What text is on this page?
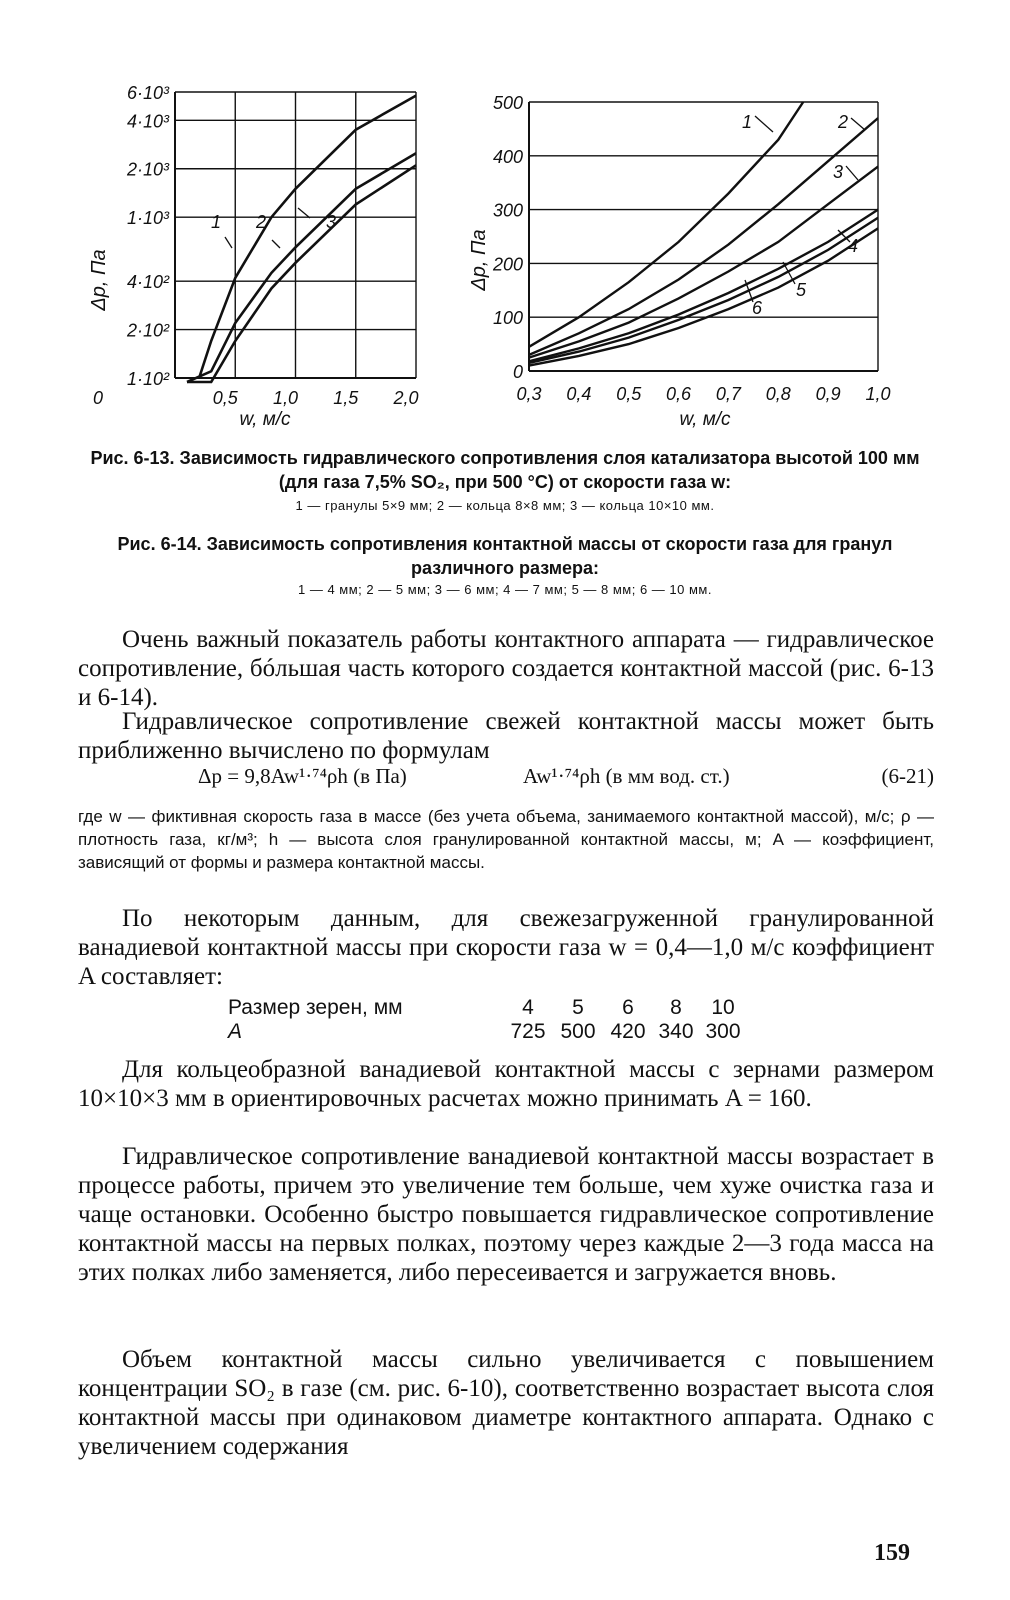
6·10³
4·10³
2·10³
1·10³
4·10²
2·10²
1·10²
0	0,5 1,0 1,5 2,0
1 2	3
Δp, Па
w, м/с
0
100
200
300
400
500
0,3 0,4 0,5 0,6 0,7 0,8 0,9 1,0
1	2
3
4
5
6
Δp, Па
w, м/с
Рис. 6-13. Зависимость гидравлического сопротивления слоя катализатора высотой 100 мм (для газа 7,5% SO₂, при 500 °С) от скорости газа w:
1 — гранулы 5×9 мм; 2 — кольца 8×8 мм; 3 — кольца 10×10 мм.
Рис. 6-14. Зависимость сопротивления контактной массы от скорости газа для гранул различного размера:
1 — 4 мм; 2 — 5 мм; 3 — 6 мм; 4 — 7 мм; 5 — 8 мм; 6 — 10 мм.
Очень важный показатель работы контактного аппарата — гидравлическое сопротивление, бóльшая часть которого создается контактной массой (рис. 6-13 и 6-14).
Гидравлическое сопротивление свежей контактной массы может быть приближенно вычислено по формулам
Δp = 9,8Aw¹·⁷⁴ρh (в Па)	Aw¹·⁷⁴ρh (в мм вод. ст.)	(6-21)
где w — фиктивная скорость газа в массе (без учета объема, занимаемого контактной массой), м/с; ρ — плотность газа, кг/м³; h — высота слоя гранулированной контактной массы, м; A — коэффициент, зависящий от формы и размера контактной массы.
По некоторым данным, для свежезагруженной гранулированной ванадиевой контактной массы при скорости газа w = 0,4—1,0 м/с коэффициент A составляет:
Размер зерен, мм	4	5	6	8	10
A	725 500 420 340 300
Для кольцеобразной ванадиевой контактной массы с зернами размером 10×10×3 мм в ориентировочных расчетах можно принимать A = 160.
Гидравлическое сопротивление ванадиевой контактной массы возрастает в процессе работы, причем это увеличение тем больше, чем хуже очистка газа и чаще остановки. Особенно быстро повышается гидравлическое сопротивление контактной массы на первых полках, поэтому через каждые 2—3 года масса на этих полках либо заменяется, либо пересеивается и загружается вновь.
Объем контактной массы сильно увеличивается с повышением концентрации SO₂ в газе (см. рис. 6-10), соответственно возрастает высота слоя контактной массы при одинаковом диаметре контактного аппарата. Однако с увеличением содержания
159
